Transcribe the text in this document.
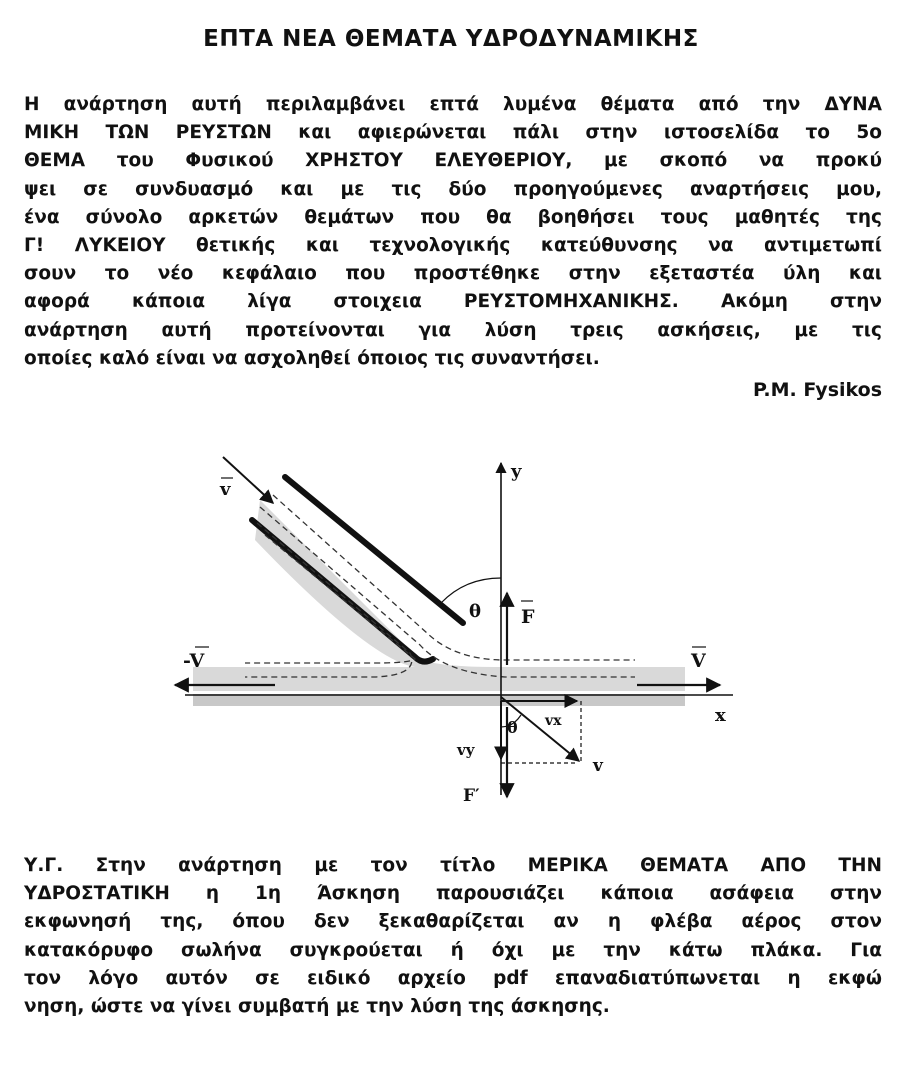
ΕΠΤΑ ΝΕΑ ΘΕΜΑΤΑ ΥΔΡΟΔΥΝΑΜΙΚΗΣ
Η ανάρτηση αυτή περιλαμβάνει επτά λυμένα θέματα από την ΔΥΝΑ
ΜΙΚΗ ΤΩΝ ΡΕΥΣΤΩΝ και αφιερώνεται πάλι στην ιστοσελίδα το 5ο
ΘΕΜΑ του Φυσικού ΧΡΗΣΤΟΥ ΕΛΕΥΘΕΡΙΟΥ, με σκοπό να προκύ
ψει σε συνδυασμό και με τις δύο προηγούμενες αναρτήσεις μου,
ένα σύνολο αρκετών θεμάτων που θα βοηθήσει τους μαθητές της
Γ! ΛΥΚΕΙΟΥ θετικής και τεχνολογικής κατεύθυνσης να αντιμετωπί
σουν το νέο κεφάλαιο που προστέθηκε στην εξεταστέα ύλη και
αφορά κάποια λίγα στοιχεια ΡΕΥΣΤΟΜΗΧΑΝΙΚΗΣ. Ακόμη στην
ανάρτηση αυτή προτείνονται για λύση τρεις ασκήσεις, με τις
οποίες καλό είναι να ασχοληθεί όποιος τις συναντήσει.
P.M. Fysikos
v
y
θ F
x
-V	V
vx
θ
vy
v
F′
Υ.Γ. Στην ανάρτηση με τον τίτλο ΜΕΡΙΚΑ ΘΕΜΑΤΑ ΑΠΟ ΤΗΝ
ΥΔΡΟΣΤΑΤΙΚΗ η 1η Άσκηση παρουσιάζει κάποια ασάφεια στην
εκφωνησή της, όπου δεν ξεκαθαρίζεται αν η φλέβα αέρος στον
κατακόρυφο σωλήνα συγκρούεται ή όχι με την κάτω πλάκα. Για
τον λόγο αυτόν σε ειδικό αρχείο pdf επαναδιατύπωνεται η εκφώ
νηση, ώστε να γίνει συμβατή με την λύση της άσκησης.
